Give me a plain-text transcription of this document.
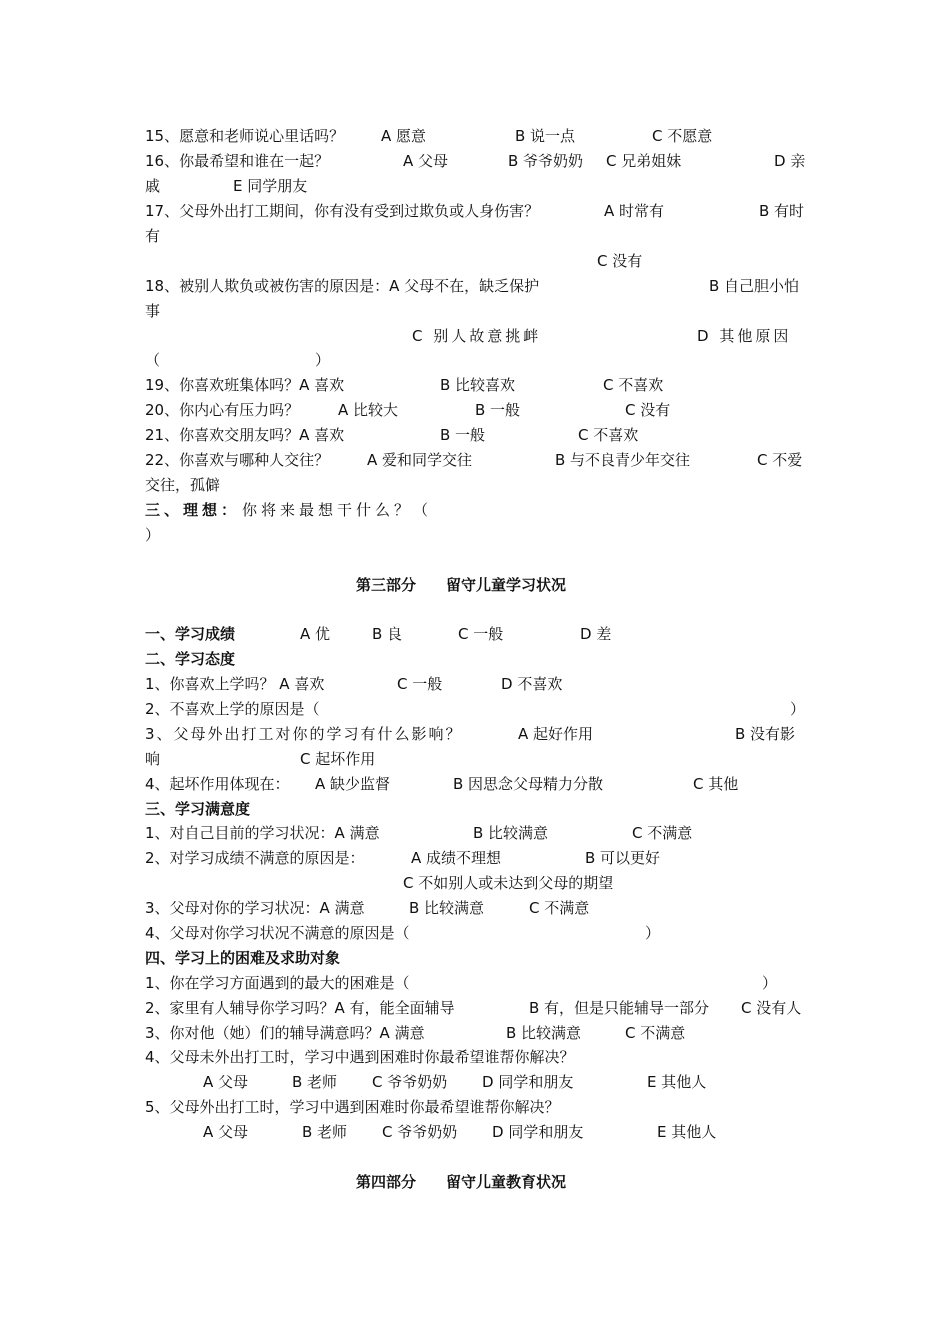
15、愿意和老师说心里话吗？ A 愿意	B 说一点	C 不愿意
16、你最希望和谁在一起？	A 父母	B 爷爷奶奶 C 兄弟姐妹	D 亲
戚	E 同学朋友
17、父母外出打工期间，你有没有受到过欺负或人身伤害？	A 时常有	B 有时
有
C 没有
18、被别人欺负或被伤害的原因是：A 父母不在，缺乏保护	B 自己胆小怕
事
C 别人故意挑衅	D 其他原因
（	）
19、你喜欢班集体吗？A 喜欢	B 比较喜欢	C 不喜欢
20、你内心有压力吗？	A 比较大	B 一般	C 没有
21、你喜欢交朋友吗？A 喜欢	B 一般	C 不喜欢
22、你喜欢与哪种人交往？	A 爱和同学交往	B 与不良青少年交往	C 不爱
交往，孤僻
三、理想： 你将来最想干什么？（
）
第三部分　　留守儿童学习状况
一、学习成绩	A 优	B 良	C 一般	D 差
二、学习态度
1、你喜欢上学吗？ A 喜欢	C 一般	D 不喜欢
2、不喜欢上学的原因是（	）
3、父母外出打工对你的学习有什么影响？	A 起好作用	B 没有影
响	C 起坏作用
4、起坏作用体现在： A 缺少监督	B 因思念父母精力分散	C 其他
三、学习满意度
1、对自己目前的学习状况：A 满意	B 比较满意	C 不满意
2、对学习成绩不满意的原因是：	A 成绩不理想	B 可以更好
C 不如别人或未达到父母的期望
3、父母对你的学习状况：A 满意	B 比较满意	C 不满意
4、父母对你学习状况不满意的原因是（	）
四、学习上的困难及求助对象
1、你在学习方面遇到的最大的困难是（	）
2、家里有人辅导你学习吗？A 有，能全面辅导	B 有，但是只能辅导一部分 C 没有人
3、你对他（她）们的辅导满意吗？A 满意	B 比较满意	C 不满意
4、父母未外出打工时，学习中遇到困难时你最希望谁帮你解决？
A 父母	B 老师 C 爷爷奶奶 D 同学和朋友	E 其他人
5、父母外出打工时，学习中遇到困难时你最希望谁帮你解决？
A 父母	B 老师 C 爷爷奶奶 D 同学和朋友	E 其他人
第四部分　　留守儿童教育状况
